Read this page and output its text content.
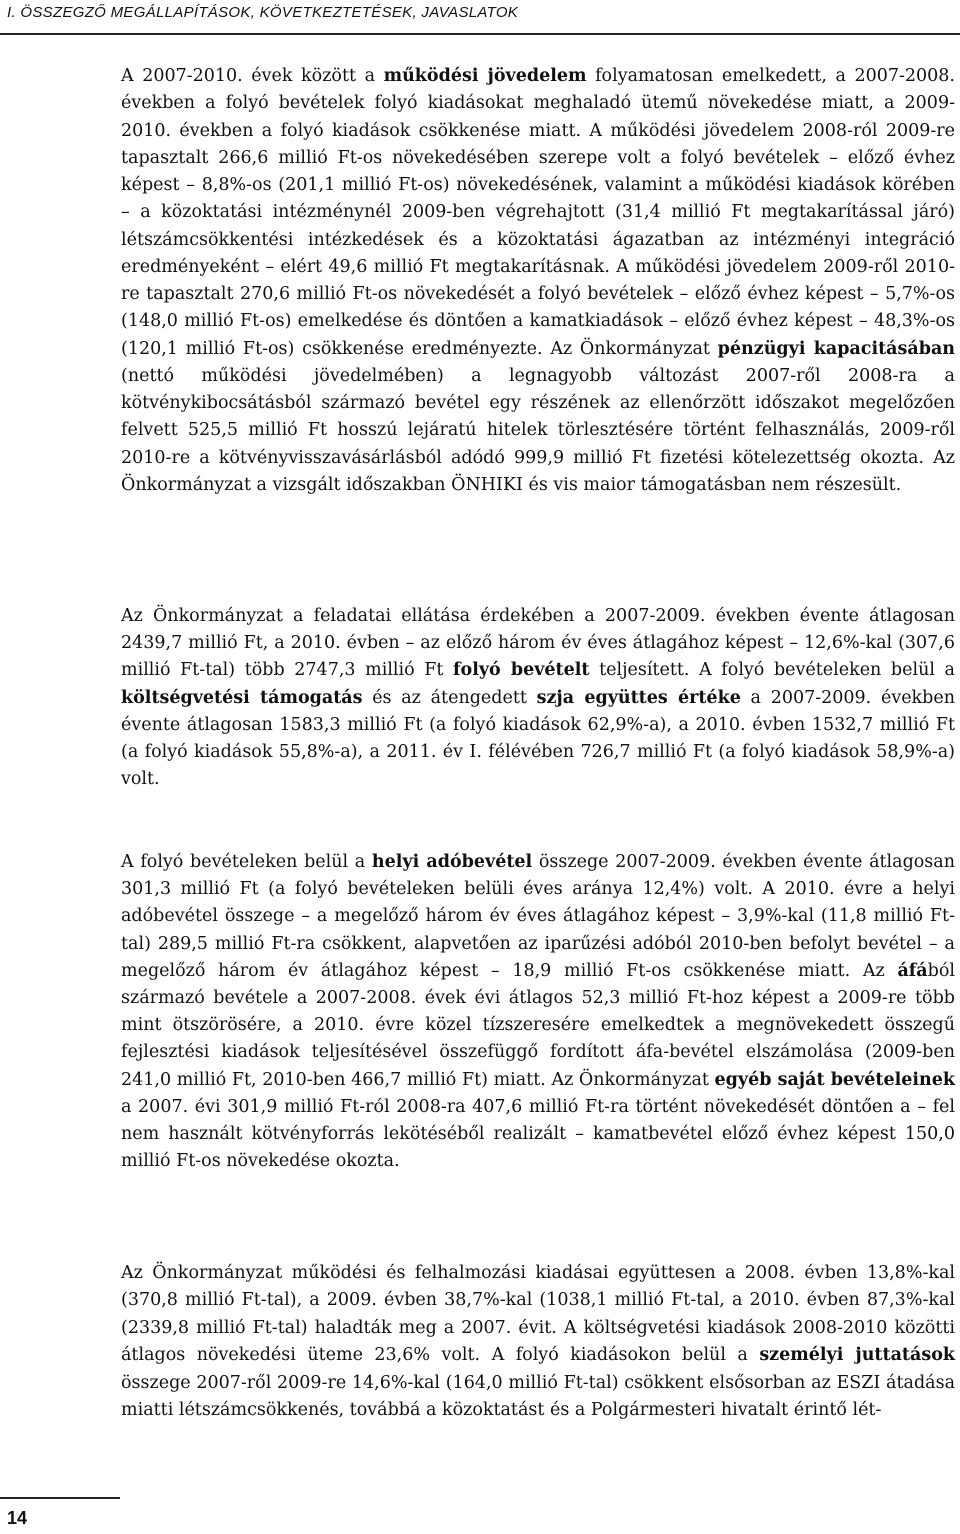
I. ÖSSZEGZŐ MEGÁLLAPÍTÁSOK, KÖVETKEZTETÉSEK, JAVASLATOK

A 2007-2010. évek között a működési jövedelem folyamatosan emelkedett, a 2007-2008. években a folyó bevételek folyó kiadásokat meghaladó ütemű növekedése miatt, a 2009-2010. években a folyó kiadások csökkenése miatt. A működési jövedelem 2008-ról 2009-re tapasztalt 266,6 millió Ft-os növekedésében szerepe volt a folyó bevételek – előző évhez képest – 8,8%-os (201,1 millió Ft-os) növekedésének, valamint a működési kiadások körében – a közoktatási intézménynél 2009-ben végrehajtott (31,4 millió Ft megtakarítással járó) létszámcsökkentési intézkedések és a közoktatási ágazatban az intézményi integráció eredményeként – elért 49,6 millió Ft megtakarításnak. A működési jövedelem 2009-ről 2010-re tapasztalt 270,6 millió Ft-os növekedését a folyó bevételek – előző évhez képest – 5,7%-os (148,0 millió Ft-os) emelkedése és döntően a kamatkiadások – előző évhez képest – 48,3%-os (120,1 millió Ft-os) csökkenése eredményezte. Az Önkormányzat pénzügyi kapacitásában (nettó működési jövedelmében) a legnagyobb változást 2007-ről 2008-ra a kötvénykibocsátásból származó bevétel egy részének az ellenőrzött időszakot megelőzően felvett 525,5 millió Ft hosszú lejáratú hitelek törlesztésére történt felhasználás, 2009-ről 2010-re a kötvényvisszavásárlásból adódó 999,9 millió Ft fizetési kötelezettség okozta. Az Önkormányzat a vizsgált időszakban ÖNHIKI és vis maior támogatásban nem részesült.

Az Önkormányzat a feladatai ellátása érdekében a 2007-2009. években évente átlagosan 2439,7 millió Ft, a 2010. évben – az előző három év éves átlagához képest – 12,6%-kal (307,6 millió Ft-tal) több 2747,3 millió Ft folyó bevételt teljesített. A folyó bevételeken belül a költségvetési támogatás és az átengedett szja együttes értéke a 2007-2009. években évente átlagosan 1583,3 millió Ft (a folyó kiadások 62,9%-a), a 2010. évben 1532,7 millió Ft (a folyó kiadások 55,8%-a), a 2011. év I. félévében 726,7 millió Ft (a folyó kiadások 58,9%-a) volt.

A folyó bevételeken belül a helyi adóbevétel összege 2007-2009. években évente átlagosan 301,3 millió Ft (a folyó bevételeken belüli éves aránya 12,4%) volt. A 2010. évre a helyi adóbevétel összege – a megelőző három év éves átlagához képest – 3,9%-kal (11,8 millió Ft-tal) 289,5 millió Ft-ra csökkent, alapvetően az iparűzési adóból 2010-ben befolyt bevétel – a megelőző három év átlagához képest – 18,9 millió Ft-os csökkenése miatt. Az áfából származó bevétele a 2007-2008. évek évi átlagos 52,3 millió Ft-hoz képest a 2009-re több mint ötszörösére, a 2010. évre közel tízszeresére emelkedtek a megnövekedett összegű fejlesztési kiadások teljesítésével összefüggő fordított áfa-bevétel elszámolása (2009-ben 241,0 millió Ft, 2010-ben 466,7 millió Ft) miatt. Az Önkormányzat egyéb saját bevételeinek a 2007. évi 301,9 millió Ft-ról 2008-ra 407,6 millió Ft-ra történt növekedését döntően a – fel nem használt kötvényforrás lekötéséből realizált – kamatbevétel előző évhez képest 150,0 millió Ft-os növekedése okozta.

Az Önkormányzat működési és felhalmozási kiadásai együttesen a 2008. évben 13,8%-kal (370,8 millió Ft-tal), a 2009. évben 38,7%-kal (1038,1 millió Ft-tal, a 2010. évben 87,3%-kal (2339,8 millió Ft-tal) haladták meg a 2007. évit. A költségvetési kiadások 2008-2010 közötti átlagos növekedési üteme 23,6% volt. A folyó kiadásokon belül a személyi juttatások összege 2007-ről 2009-re 14,6%-kal (164,0 millió Ft-tal) csökkent elsősorban az ESZI átadása miatti létszámcsökkenés, továbbá a közoktatást és a Polgármesteri hivatalt érintő lét-

14
